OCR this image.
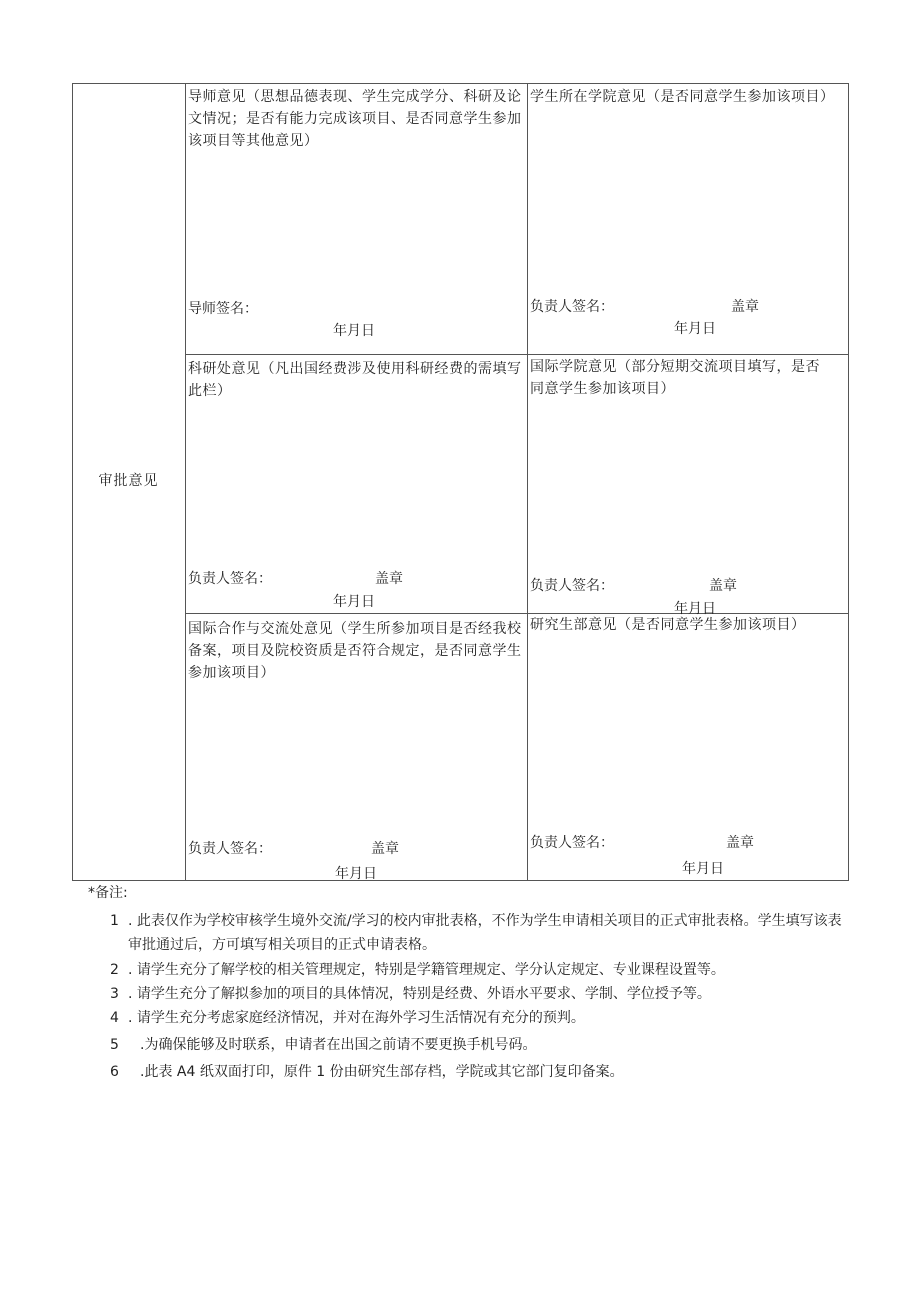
审批意见
导师意见（思想品德表现、学生完成学分、科研及论文情况；是否有能力完成该项目、是否同意学生参加该项目等其他意见）
导师签名：
年月日
学生所在学院意见（是否同意学生参加该项目）
负责人签名：	盖章
年月日
科研处意见（凡出国经费涉及使用科研经费的需填写此栏）
负责人签名：	盖章
年月日
国际学院意见（部分短期交流项目填写，是否同意学生参加该项目）
负责人签名：	盖章
年月日
国际合作与交流处意见（学生所参加项目是否经我校备案，项目及院校资质是否符合规定，是否同意学生参加该项目）
负责人签名：	盖章
年月日
研究生部意见（是否同意学生参加该项目）
负责人签名：	盖章
年月日
*备注:
1 . 此表仅作为学校审核学生境外交流/学习的校内审批表格，不作为学生申请相关项目的正式审批表格。学生填写该表审批通过后，方可填写相关项目的正式申请表格。
2 . 请学生充分了解学校的相关管理规定，特别是学籍管理规定、学分认定规定、专业课程设置等。
3 . 请学生充分了解拟参加的项目的具体情况，特别是经费、外语水平要求、学制、学位授予等。
4 . 请学生充分考虑家庭经济情况，并对在海外学习生活情况有充分的预判。
5 .为确保能够及时联系，申请者在出国之前请不要更换手机号码。
6 .此表 A4 纸双面打印，原件 1 份由研究生部存档，学院或其它部门复印备案。
